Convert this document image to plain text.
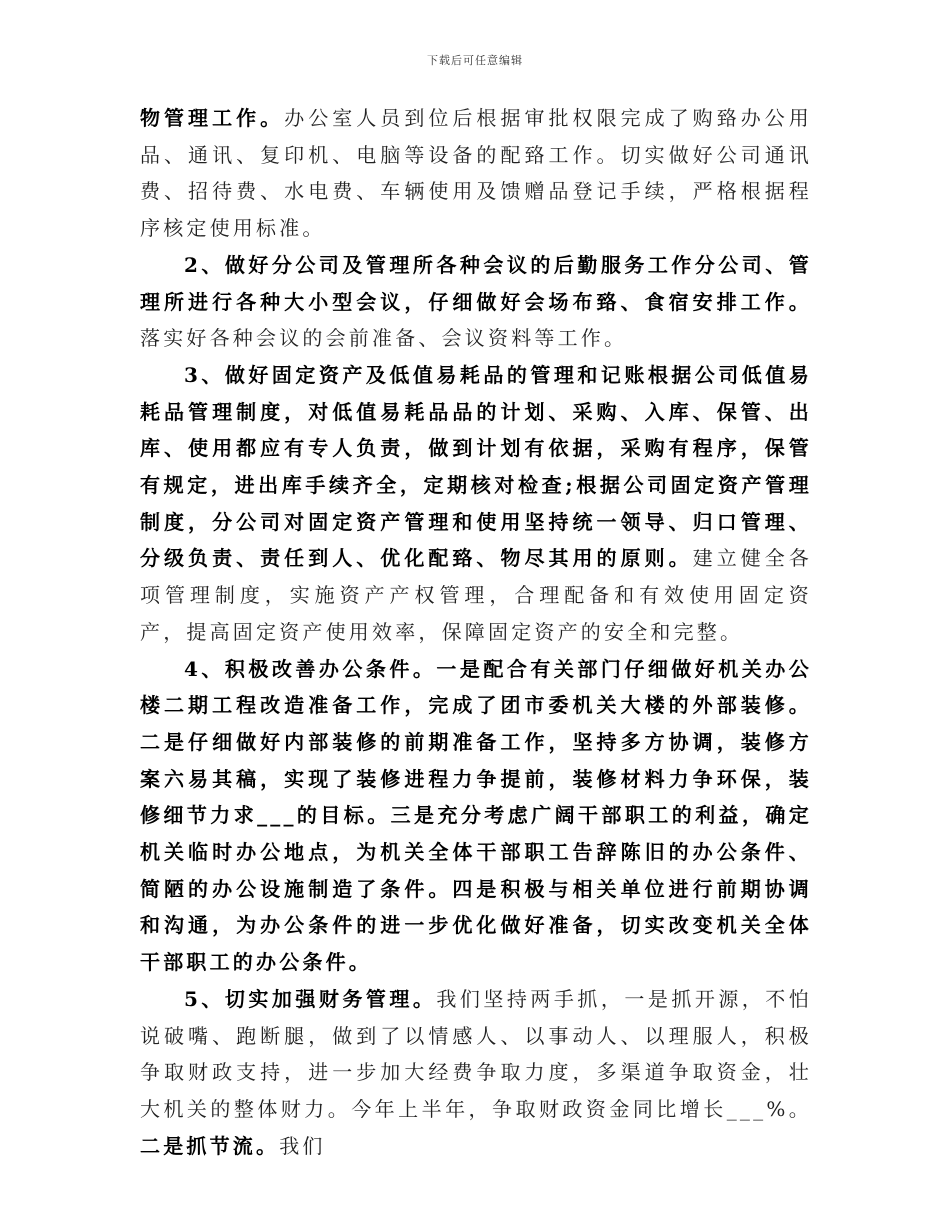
下载后可任意编辑

物管理工作。办公室人员到位后根据审批权限完成了购臵办公用品、通讯、复印机、电脑等设备的配臵工作。切实做好公司通讯费、招待费、水电费、车辆使用及馈赠品登记手续，严格根据程序核定使用标准。

2、做好分公司及管理所各种会议的后勤服务工作分公司、管理所进行各种大小型会议，仔细做好会场布臵、食宿安排工作。落实好各种会议的会前准备、会议资料等工作。

3、做好固定资产及低值易耗品的管理和记账根据公司低值易耗品管理制度，对低值易耗品品的计划、采购、入库、保管、出库、使用都应有专人负责，做到计划有依据，采购有程序，保管有规定，进出库手续齐全，定期核对检查;根据公司固定资产管理制度，分公司对固定资产管理和使用坚持统一领导、归口管理、分级负责、责任到人、优化配臵、物尽其用的原则。建立健全各项管理制度，实施资产产权管理，合理配备和有效使用固定资产，提高固定资产使用效率，保障固定资产的安全和完整。

4、积极改善办公条件。一是配合有关部门仔细做好机关办公楼二期工程改造准备工作，完成了团市委机关大楼的外部装修。二是仔细做好内部装修的前期准备工作，坚持多方协调，装修方案六易其稿，实现了装修进程力争提前，装修材料力争环保，装修细节力求___的目标。三是充分考虑广阔干部职工的利益，确定机关临时办公地点，为机关全体干部职工告辞陈旧的办公条件、简陋的办公设施制造了条件。四是积极与相关单位进行前期协调和沟通，为办公条件的进一步优化做好准备，切实改变机关全体干部职工的办公条件。

5、切实加强财务管理。我们坚持两手抓，一是抓开源，不怕说破嘴、跑断腿，做到了以情感人、以事动人、以理服人，积极争取财政支持，进一步加大经费争取力度，多渠道争取资金，壮大机关的整体财力。今年上半年，争取财政资金同比增长___%。二是抓节流。我们
